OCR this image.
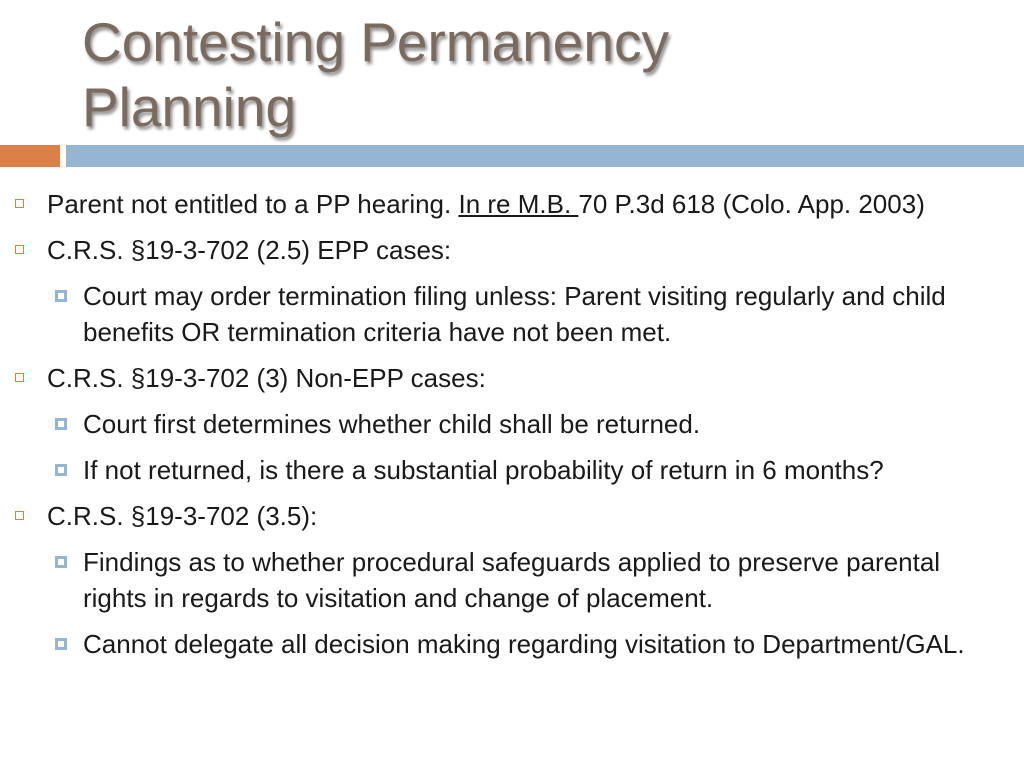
Contesting Permanency
Planning
Parent not entitled to a PP hearing. In re M.B. 70 P.3d 618 (Colo. App. 2003)
C.R.S. §19-3-702 (2.5) EPP cases:
Court may order termination filing unless: Parent visiting regularly and child benefits OR termination criteria have not been met.
C.R.S. §19-3-702 (3) Non-EPP cases:
Court first determines whether child shall be returned.
If not returned, is there a substantial probability of return in 6 months?
C.R.S. §19-3-702 (3.5):
Findings as to whether procedural safeguards applied to preserve parental rights in regards to visitation and change of placement.
Cannot delegate all decision making regarding visitation to Department/GAL.
